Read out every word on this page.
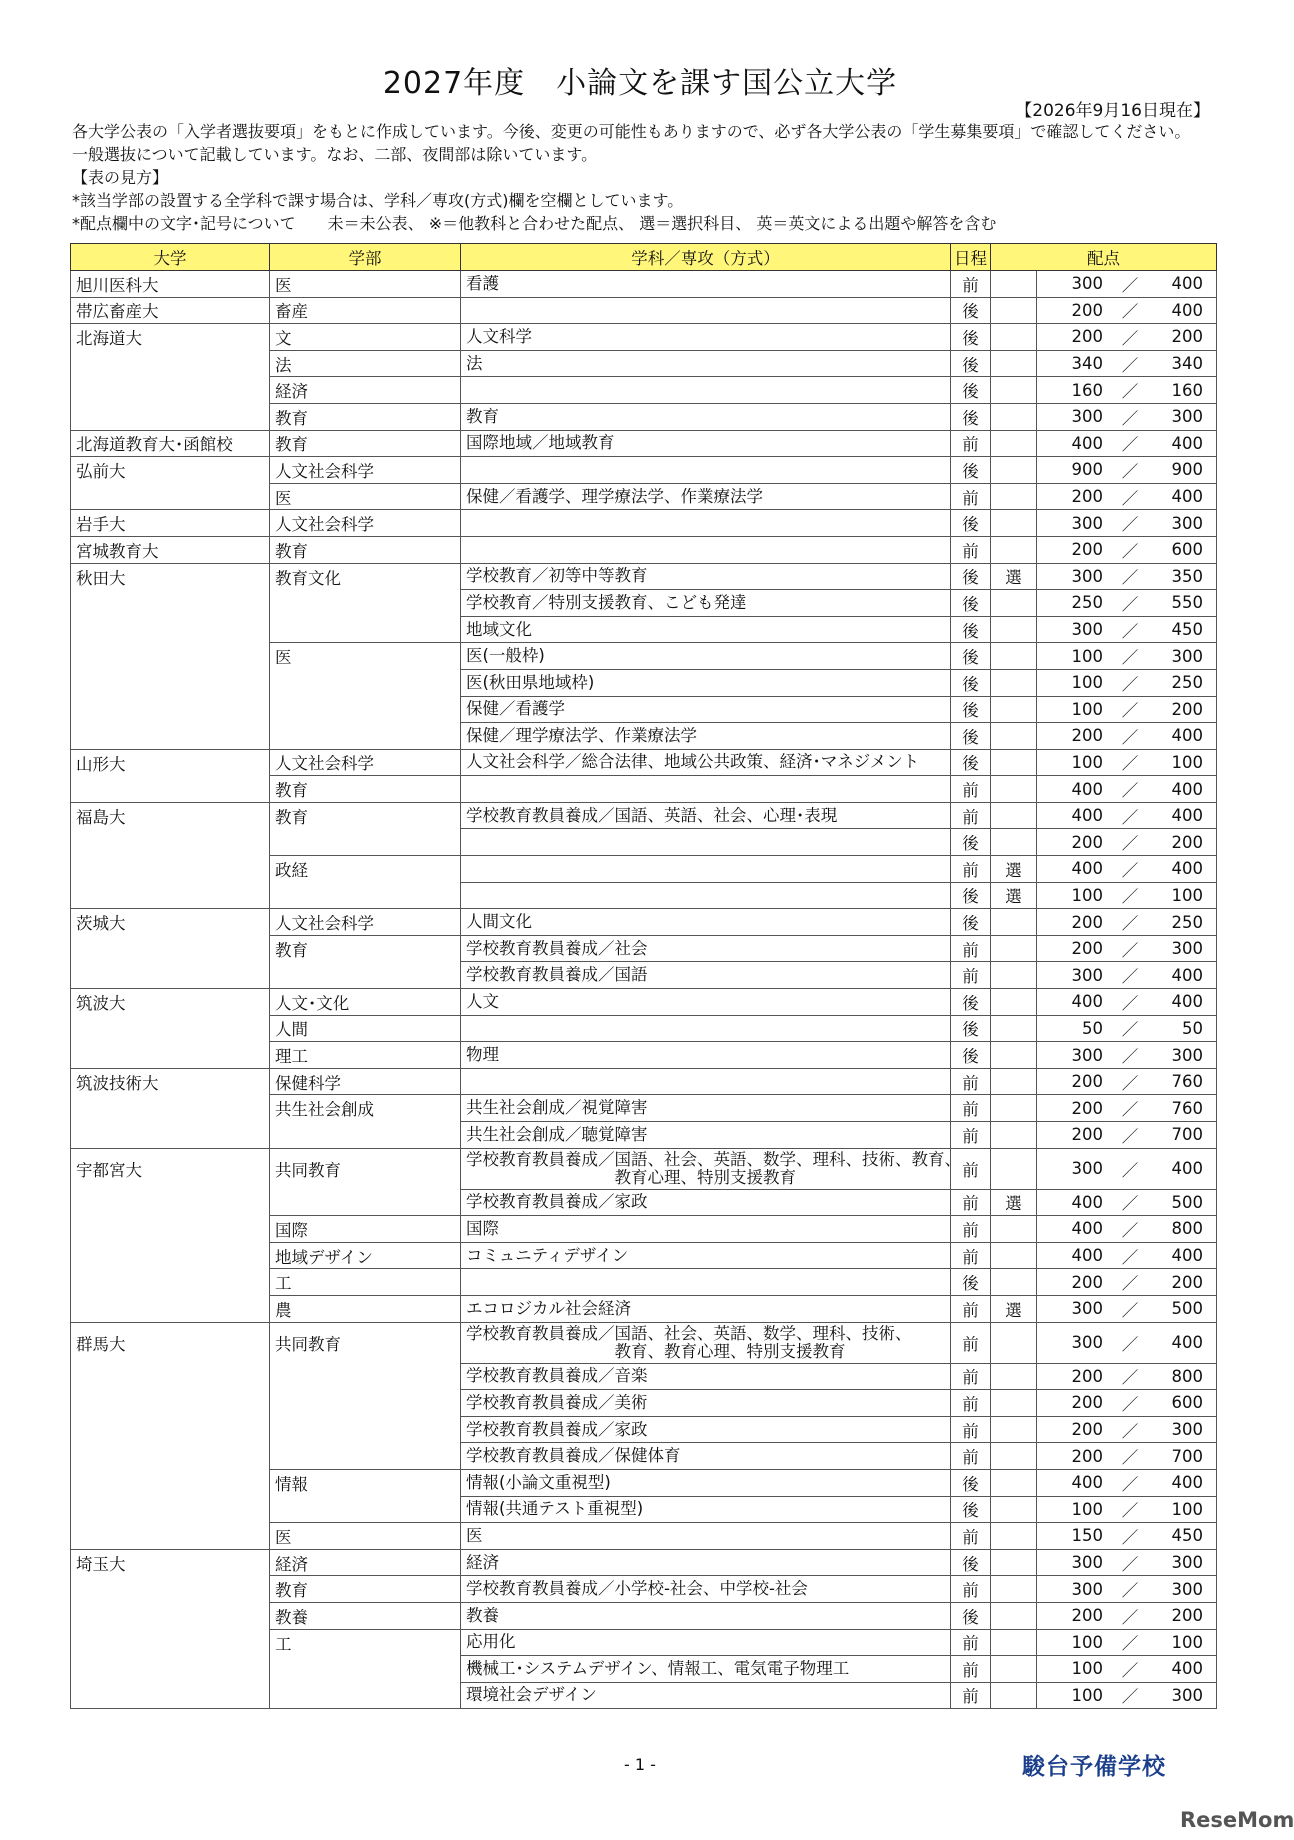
2027年度　小論文を課す国公立大学
【2026年9月16日現在】
各大学公表の「入学者選抜要項」をもとに作成しています。今後、変更の可能性もありますので、必ず各大学公表の「学生募集要項」で確認してください。
一般選抜について記載しています。なお、二部、夜間部は除いています。
【表の見方】
*該当学部の設置する全学科で課す場合は、学科／専攻(方式)欄を空欄としています。
*配点欄中の文字･記号について　　未＝未公表、 ※＝他教科と合わせた配点、 選＝選択科目、 英＝英文による出題や解答を含む
大学	学部	学科／専攻（方式）	日程	配点	
旭川医科大	医	看護	前		300 ／ 400

帯広畜産大	畜産		後		200 ／ 400

北海道大	文	人文科学	後		200 ／ 200

	法	法	後		340 ／ 340

	経済		後		160 ／ 160

	教育	教育	後		300 ／ 300

北海道教育大･函館校	教育	国際地域／地域教育	前		400 ／ 400

弘前大	人文社会科学		後		900 ／ 900

	医	保健／看護学、理学療法学、作業療法学	前		200 ／ 400

岩手大	人文社会科学		後		300 ／ 300

宮城教育大	教育		前		200 ／ 600

秋田大	教育文化	学校教育／初等中等教育	後	選	300 ／ 350

		学校教育／特別支援教育、こども発達	後		250 ／ 550

		地域文化	後		300 ／ 450

	医	医(一般枠)	後		100 ／ 300

		医(秋田県地域枠)	後		100 ／ 250

		保健／看護学	後		100 ／ 200

		保健／理学療法学、作業療法学	後		200 ／ 400

山形大	人文社会科学	人文社会科学／総合法律、地域公共政策、経済･マネジメント	後		100 ／ 100

	教育		前		400 ／ 400

福島大	教育	学校教育教員養成／国語、英語、社会、心理･表現	前		400 ／ 400

			後		200 ／ 200

	政経		前	選	400 ／ 400

			後	選	100 ／ 100

茨城大	人文社会科学	人間文化	後		200 ／ 250

	教育	学校教育教員養成／社会	前		200 ／ 300

		学校教育教員養成／国語	前		300 ／ 400

筑波大	人文･文化	人文	後		400 ／ 400

	人間		後		50 ／ 50

	理工	物理	後		300 ／ 300

筑波技術大	保健科学		前		200 ／ 760

	共生社会創成	共生社会創成／視覚障害	前		200 ／ 760

		共生社会創成／聴覚障害	前		200 ／ 700

宇都宮大	共同教育	学校教育教員養成／国語、社会、英語、数学、理科、技術、教育、
　　　　　　　　　教育心理、特別支援教育	前		300 ／ 400

		学校教育教員養成／家政	前	選	400 ／ 500

	国際	国際	前		400 ／ 800

	地域デザイン	コミュニティデザイン	前		400 ／ 400

	工		後		200 ／ 200

	農	エコロジカル社会経済	前	選	300 ／ 500

群馬大	共同教育	学校教育教員養成／国語、社会、英語、数学、理科、技術、
　　　　　　　　　教育、教育心理、特別支援教育	前		300 ／ 400

		学校教育教員養成／音楽	前		200 ／ 800

		学校教育教員養成／美術	前		200 ／ 600

		学校教育教員養成／家政	前		200 ／ 300

		学校教育教員養成／保健体育	前		200 ／ 700

	情報	情報(小論文重視型)	後		400 ／ 400

		情報(共通テスト重視型)	後		100 ／ 100

	医	医	前		150 ／ 450

埼玉大	経済	経済	後		300 ／ 300

	教育	学校教育教員養成／小学校-社会、中学校-社会	前		300 ／ 300

	教養	教養	後		200 ／ 200

	工	応用化	前		100 ／ 100

		機械工･システムデザイン、情報工、電気電子物理工	前		100 ／ 400

		環境社会デザイン	前		100 ／ 300
- 1 -	駿台予備学校
ReseMom
